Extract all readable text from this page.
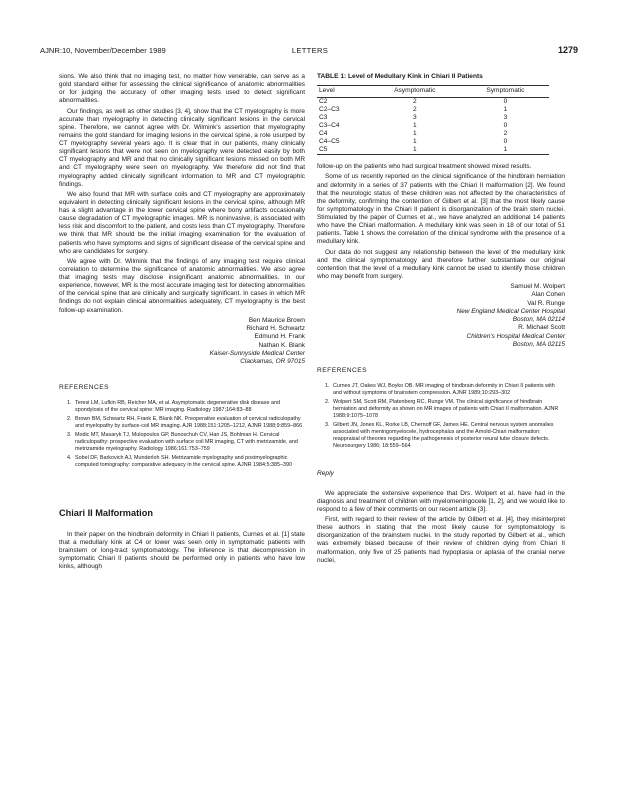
AJNR:10, November/December 1989	LETTERS	1279

sions. We also think that no imaging test, no matter how venerable, can serve as a gold standard either for assessing the clinical significance of anatomic abnormalities or for judging the accuracy of other imaging tests used to detect significant abnormalities.

Our findings, as well as other studies [3, 4], show that the CT myelography is more accurate than myelography in detecting clinically significant lesions in the cervical spine. Therefore, we cannot agree with Dr. Wilmink's assertion that myelography remains the gold standard for imaging lesions in the cervical spine, a role usurped by CT myelography several years ago. It is clear that in our patients, many clinically significant lesions that were not seen on myelography were detected easily by both CT myelography and MR and that no clinically significant lesions missed on both MR and CT myelography were seen on myelography. We therefore did not find that myelography added clinically significant information to MR and CT myelographic findings.

We also found that MR with surface coils and CT myelography are approximately equivalent in detecting clinically significant lesions in the cervical spine, although MR has a slight advantage in the lower cervical spine where bony artifacts occasionally cause degradation of CT myelographic images. MR is noninvasive, is associated with less risk and discomfort to the patient, and costs less than CT myelography. Therefore we think that MR should be the initial imaging examination for the evaluation of patients who have symptoms and signs of significant disease of the cervical spine and who are candidates for surgery.

We agree with Dr. Wilmink that the findings of any imaging test require clinical correlation to determine the significance of anatomic abnormalities. We also agree that imaging tests may disclose insignificant anatomic abnormalities. In our experience, however, MR is the most accurate imaging test for detecting abnormalities of the cervical spine that are clinically and surgically significant. In cases in which MR findings do not explain clinical abnormalities adequately, CT myelography is the best follow-up examination.

Ben Maurice Brown
Richard H. Schwartz
Edmund H. Frank
Nathan K. Blank
Kaiser-Sunnyside Medical Center
Clackamas, OR 97015
REFERENCES
1. Teresi LM, Lufkin RB, Reicher MA, et al. Asymptomatic degenerative disk disease and spondylosis of the cervical spine: MR imaging. Radiology 1987;164:83–88
2. Brown BM, Schwartz RH, Frank E, Blank NK. Preoperative evaluation of cervical radiculopathy and myelopathy by surface-coil MR imaging. AJR 1988;151:1205–1212, AJNR 1988;9:859–866
3. Modic MT, Masaryk TJ, Mulopoulos GP, Bunoschuh CV, Han JS, Bohlman H. Cervical radiculopathy: prospective evaluation with surface coil MR imaging, CT with metrizamide, and metrizamide myelography. Radiology 1986;161:753–759
4. Sobel DF, Barkovich AJ, Munderloh SH. Metrizamide myelography and postmyelographic computed tomography: comparative adequacy in the cervical spine. AJNR 1984;5:385–390
Chiari II Malformation

In their paper on the hindbrain deformity in Chiari II patients, Curnes et al. [1] state that a medullary kink at C4 or lower was seen only in symptomatic patients with brainstem or long-tract symptomatology. The inference is that decompression in symptomatic Chiari II patients should be performed only in patients who have low kinks, although

TABLE 1: Level of Medullary Kink in Chiari II Patients
Level	Asymptomatic	Symptomatic
C2	2	0
C2–C3	2	1
C3	3	3
C3–C4	1	0
C4	1	2
C4–C5	1	0
C5	1	1

follow-up on the patients who had surgical treatment showed mixed results.

Some of us recently reported on the clinical significance of the hindbrain herniation and deformity in a series of 37 patients with the Chiari II malformation [2]. We found that the neurologic status of these children was not affected by the characteristics of the deformity, confirming the contention of Gilbert et al. [3] that the most likely cause for symptomatology in the Chiari II patient is disorganization of the brain stem nuclei. Stimulated by the paper of Curnes et al., we have analyzed an additional 14 patients who have the Chiari malformation. A medullary kink was seen in 18 of our total of 51 patients. Table 1 shows the correlation of the clinical syndrome with the presence of a medullary kink.

Our data do not suggest any relationship between the level of the medullary kink and the clinical symptomatology and therefore further substantiate our original contention that the level of a medullary kink cannot be used to identify those children who may benefit from surgery.

Samuel M. Wolpert
Alan Cohen
Val R. Runge
New England Medical Center Hospital
Boston, MA 02114
R. Michael Scott
Children's Hospital Medical Center
Boston, MA 02115
REFERENCES
1. Curnes JT, Oakes WJ, Boyko OB. MR imaging of hindbrain deformity in Chiari II patients with and without symptoms of brainstem compression. AJNR 1989;10:293–302
2. Wolpert SM, Scott RM, Platenberg RC, Runge VM. The clinical significance of hindbrain herniation and deformity as shown on MR images of patients with Chiari II malformation. AJNR 1988;9:1075–1078
3. Gilbert JN, Jones KL, Rorke LB, Chernoff GF, James HE. Central nervous system anomalies associated with meningomyelocele, hydrocephalus and the Arnold-Chiari malformation: reappraisal of theories regarding the pathogenesis of posterior neural tube closure defects. Neurosurgery 1986; 18:559–564
Reply

We appreciate the extensive experience that Drs. Wolpert et al. have had in the diagnosis and treatment of children with myelomeningocele [1, 2], and we would like to respond to a few of their comments on our recent article [3].

First, with regard to their review of the article by Gilbert et al. [4], they misinterpret these authors in stating that the most likely cause for symptomatology is disorganization of the brainstem nuclei. In the study reported by Gilbert et al., which was extremely biased because of their review of children dying from Chiari II malformation, only five of 25 patients had hypoplasia or aplasia of the cranial nerve nuclei,
